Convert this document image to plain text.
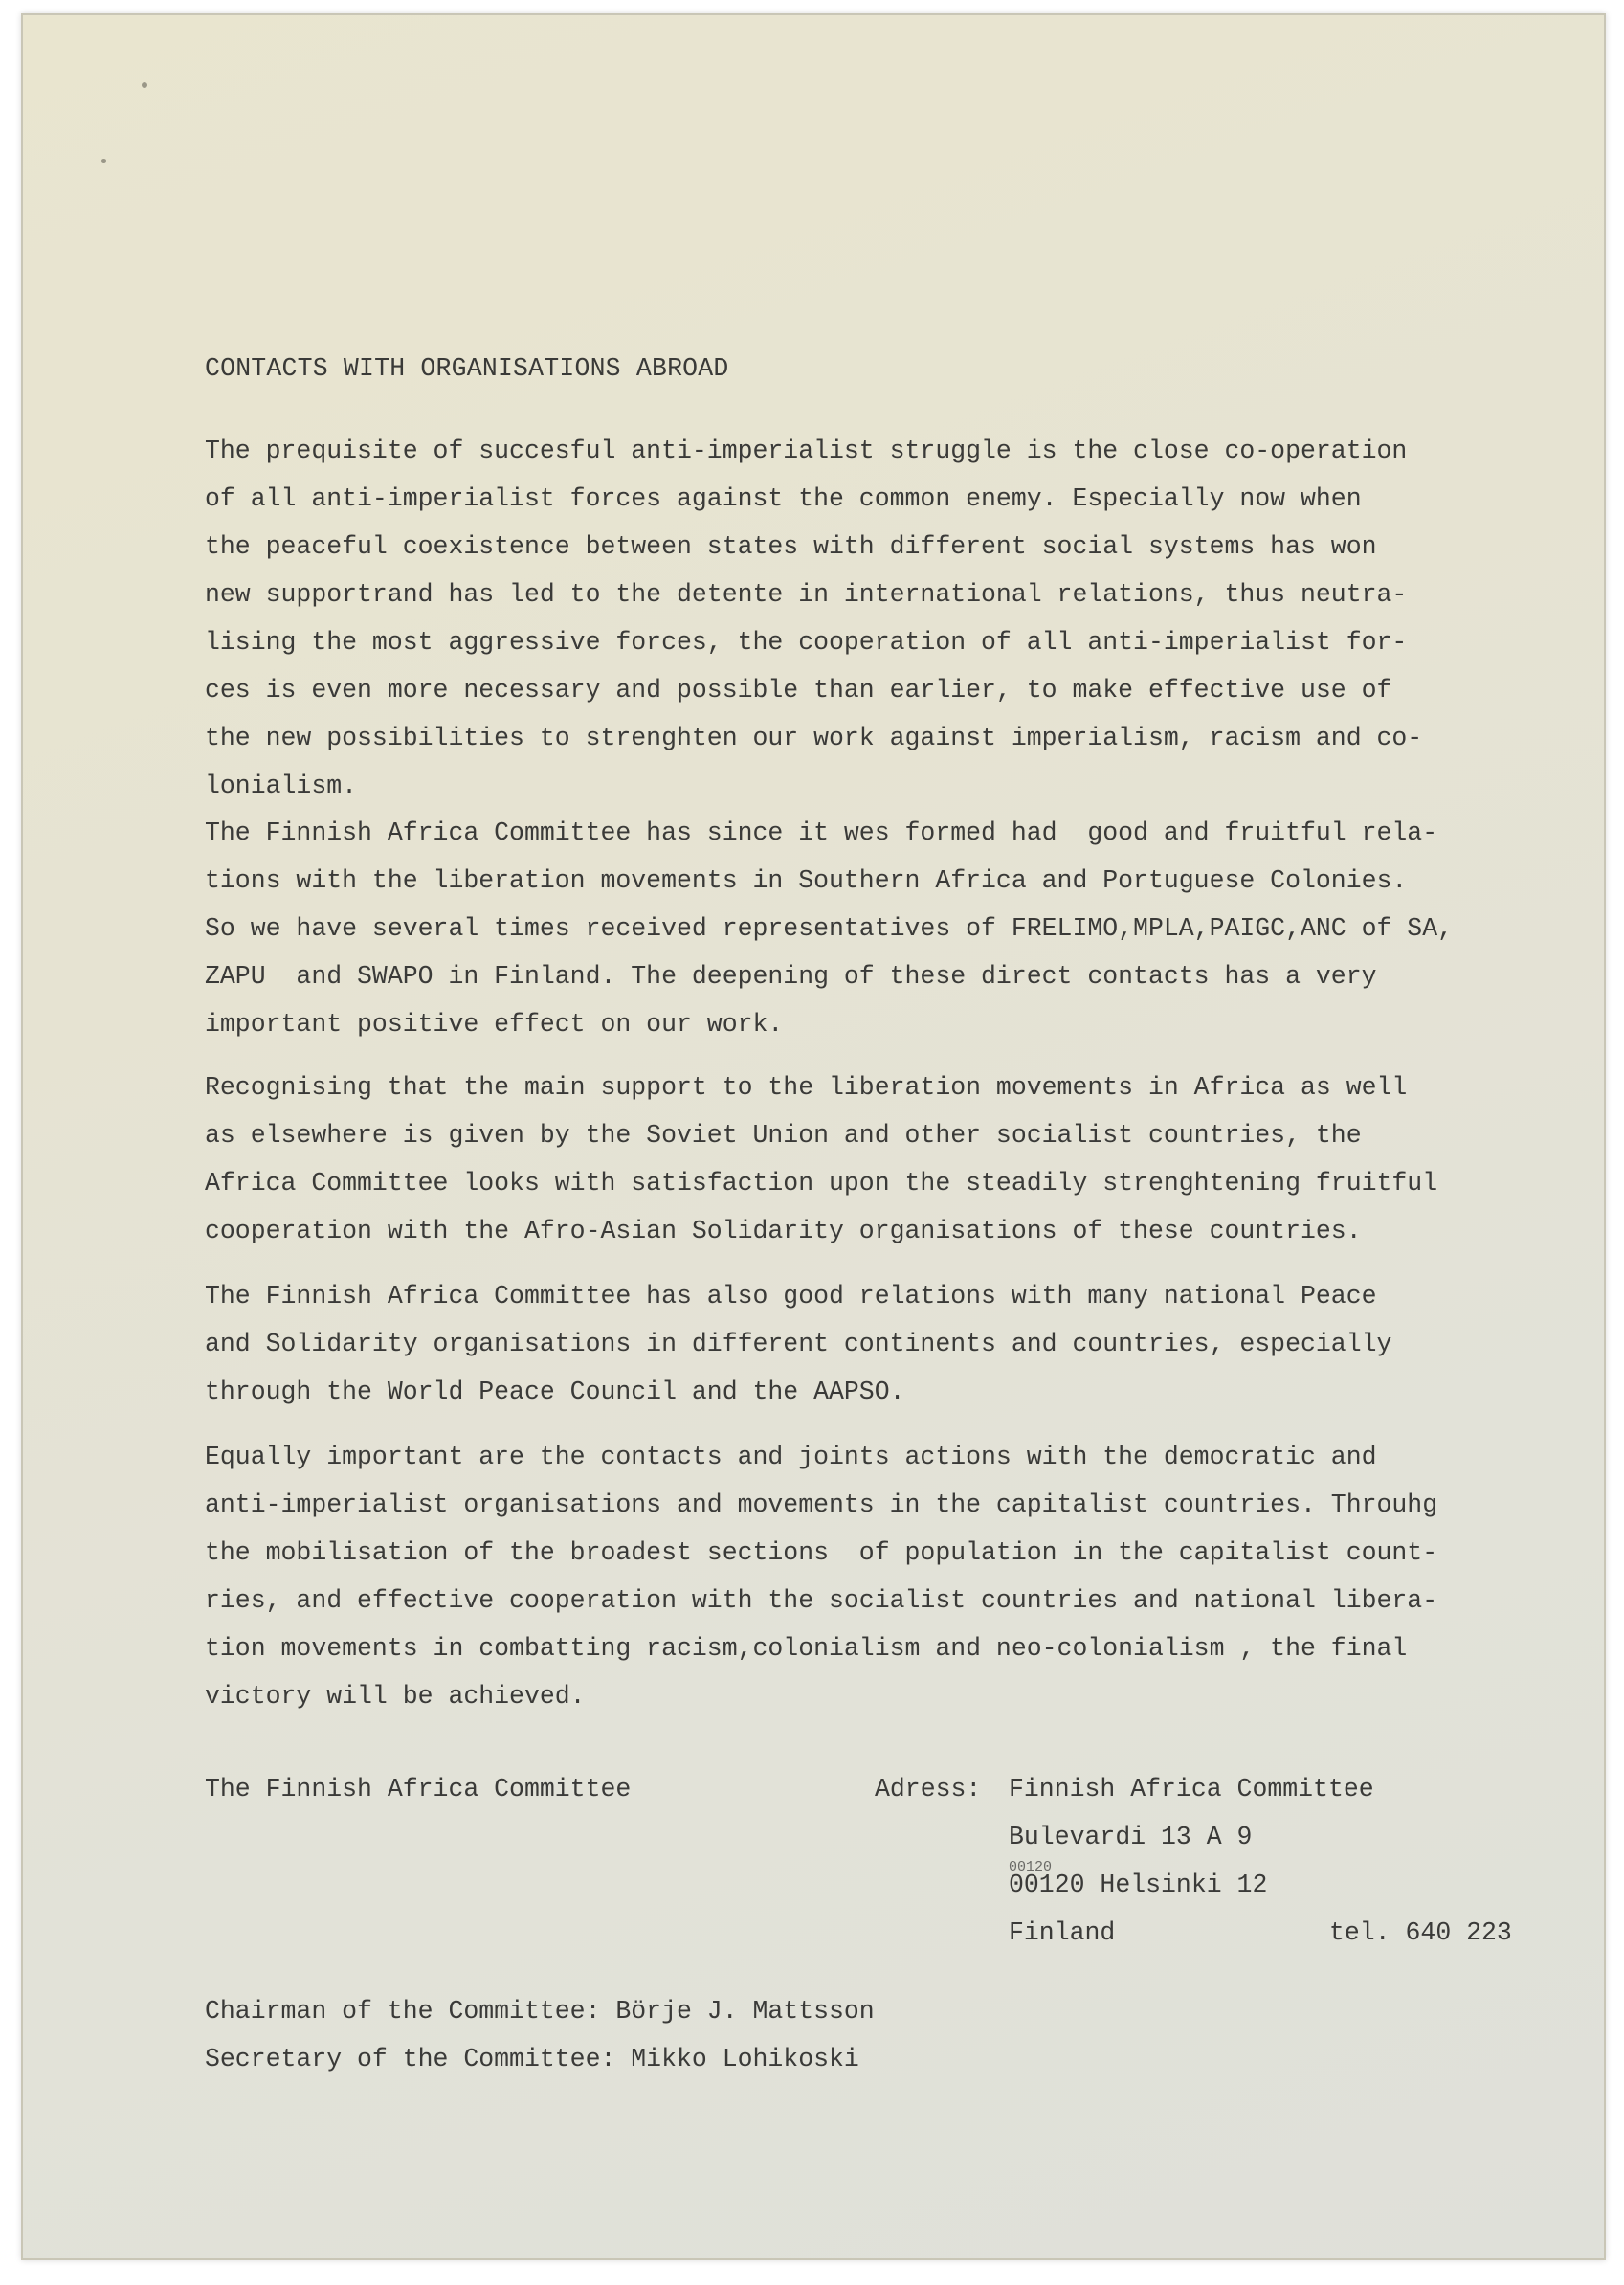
CONTACTS WITH ORGANISATIONS ABROAD
The prequisite of succesful anti-imperialist struggle is the close co-operation
of all anti-imperialist forces against the common enemy. Especially now when
the peaceful coexistence between states with different social systems has won
new supportrand has led to the detente in international relations, thus neutra-
lising the most aggressive forces, the cooperation of all anti-imperialist for-
ces is even more necessary and possible than earlier, to make effective use of
the new possibilities to strenghten our work against imperialism, racism and co-
lonialism.
The Finnish Africa Committee has since it wes formed had  good and fruitful rela-
tions with the liberation movements in Southern Africa and Portuguese Colonies.
So we have several times received representatives of FRELIMO,MPLA,PAIGC,ANC of SA,
ZAPU  and SWAPO in Finland. The deepening of these direct contacts has a very
important positive effect on our work.
Recognising that the main support to the liberation movements in Africa as well
as elsewhere is given by the Soviet Union and other socialist countries, the
Africa Committee looks with satisfaction upon the steadily strenghtening fruitful
cooperation with the Afro-Asian Solidarity organisations of these countries.
The Finnish Africa Committee has also good relations with many national Peace
and Solidarity organisations in different continents and countries, especially
through the World Peace Council and the AAPSO.
Equally important are the contacts and joints actions with the democratic and
anti-imperialist organisations and movements in the capitalist countries. Throuhg
the mobilisation of the broadest sections  of population in the capitalist count-
ries, and effective cooperation with the socialist countries and national libera-
tion movements in combatting racism,colonialism and neo-colonialism , the final
victory will be achieved.
The Finnish Africa Committee	Adress: Finnish Africa Committee
Bulevardi 13 A 9
00120
00120 Helsinki 12
Finland	tel. 640 223
Chairman of the Committee: Börje J. Mattsson
Secretary of the Committee: Mikko Lohikoski
